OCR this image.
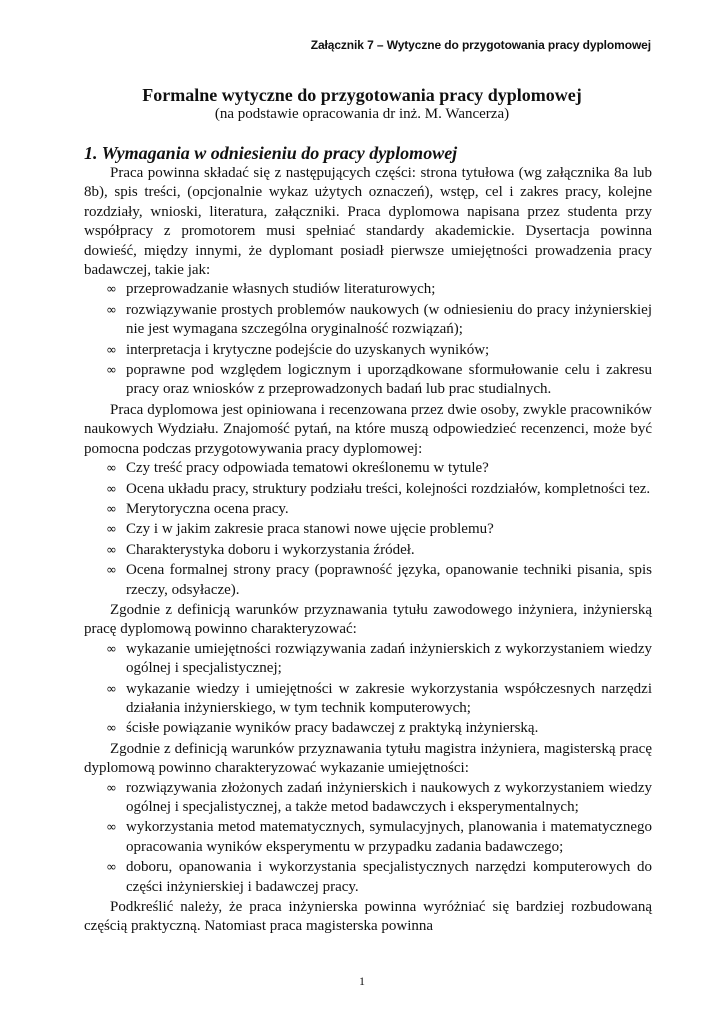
Załącznik 7 – Wytyczne do przygotowania pracy dyplomowej
Formalne wytyczne do przygotowania pracy dyplomowej
(na podstawie opracowania dr inż. M. Wancerza)
1. Wymagania w odniesieniu do pracy dyplomowej

Praca powinna składać się z następujących części: strona tytułowa (wg załącznika 8a lub 8b), spis treści, (opcjonalnie wykaz użytych oznaczeń), wstęp, cel i zakres pracy, kolejne rozdziały, wnioski, literatura, załączniki. Praca dyplomowa napisana przez studenta przy współpracy z promotorem musi spełniać standardy akademickie. Dysertacja powinna dowieść, między innymi, że dyplomant posiadł pierwsze umiejętności prowadzenia pracy badawczej, takie jak:

∞ przeprowadzanie własnych studiów literaturowych;
∞ rozwiązywanie prostych problemów naukowych (w odniesieniu do pracy inżynierskiej nie jest wymagana szczególna oryginalność rozwiązań);
∞ interpretacja i krytyczne podejście do uzyskanych wyników;
∞ poprawne pod względem logicznym i uporządkowane sformułowanie celu i zakresu pracy oraz wniosków z przeprowadzonych badań lub prac studialnych.

Praca dyplomowa jest opiniowana i recenzowana przez dwie osoby, zwykle pracowników naukowych Wydziału. Znajomość pytań, na które muszą odpowiedzieć recenzenci, może być pomocna podczas przygotowywania pracy dyplomowej:

∞ Czy treść pracy odpowiada tematowi określonemu w tytule?
∞ Ocena układu pracy, struktury podziału treści, kolejności rozdziałów, kompletności tez.
∞ Merytoryczna ocena pracy.
∞ Czy i w jakim zakresie praca stanowi nowe ujęcie problemu?
∞ Charakterystyka doboru i wykorzystania źródeł.
∞ Ocena formalnej strony pracy (poprawność języka, opanowanie techniki pisania, spis rzeczy, odsyłacze).

Zgodnie z definicją warunków przyznawania tytułu zawodowego inżyniera, inżynierską pracę dyplomową powinno charakteryzować:

∞ wykazanie umiejętności rozwiązywania zadań inżynierskich z wykorzystaniem wiedzy ogólnej i specjalistycznej;
∞ wykazanie wiedzy i umiejętności w zakresie wykorzystania współczesnych narzędzi działania inżynierskiego, w tym technik komputerowych;
∞ ścisłe powiązanie wyników pracy badawczej z praktyką inżynierską.

Zgodnie z definicją warunków przyznawania tytułu magistra inżyniera, magisterską pracę dyplomową powinno charakteryzować wykazanie umiejętności:

∞ rozwiązywania złożonych zadań inżynierskich i naukowych z wykorzystaniem wiedzy ogólnej i specjalistycznej, a także metod badawczych i eksperymentalnych;
∞ wykorzystania metod matematycznych, symulacyjnych, planowania i matematycznego opracowania wyników eksperymentu w przypadku zadania badawczego;
∞ doboru, opanowania i wykorzystania specjalistycznych narzędzi komputerowych do części inżynierskiej i badawczej pracy.

Podkreślić należy, że praca inżynierska powinna wyróżniać się bardziej rozbudowaną częścią praktyczną. Natomiast praca magisterska powinna

1
